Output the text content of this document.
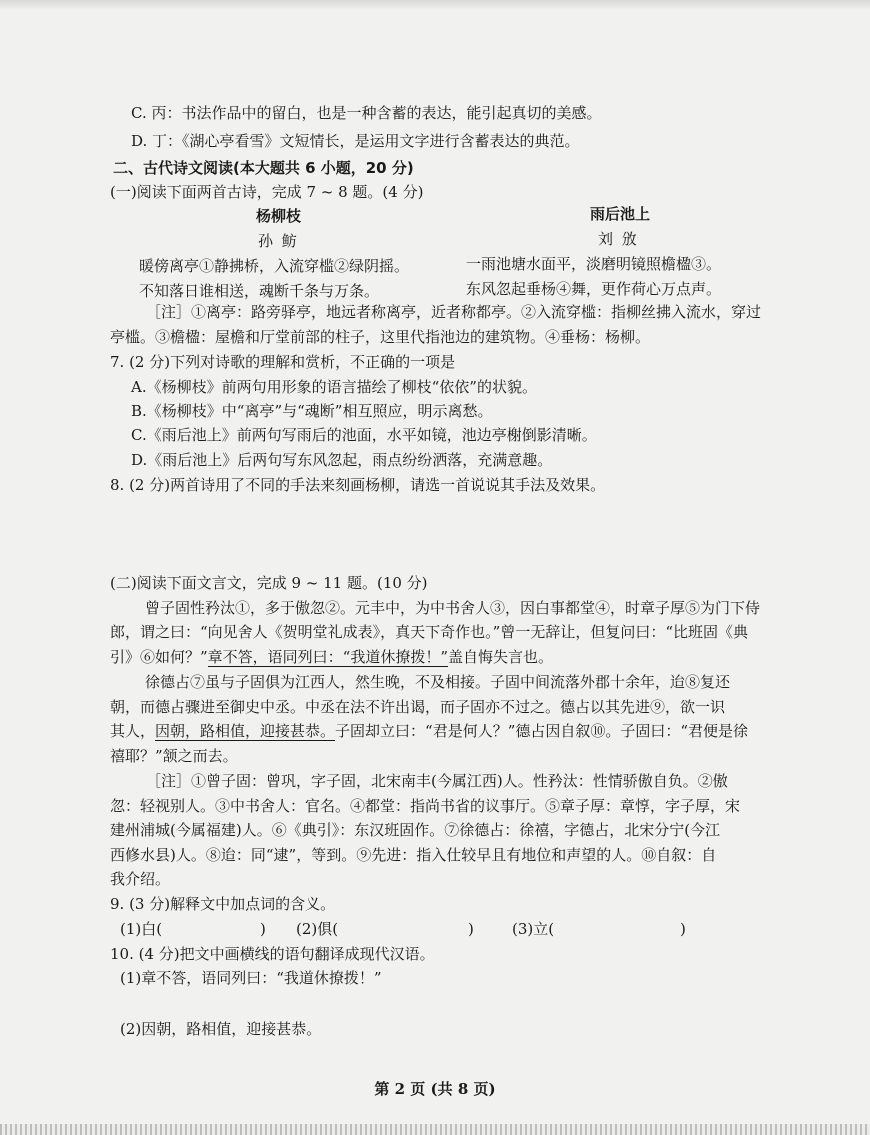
C. 丙：书法作品中的留白，也是一种含蓄的表达，能引起真切的美感。
D. 丁：《湖心亭看雪》文短情长，是运用文字进行含蓄表达的典范。
二、古代诗文阅读(本大题共 6 小题，20 分)
(一)阅读下面两首古诗，完成 7 ~ 8 题。(4 分)
杨柳枝
孙 鲂
暖傍离亭①静拂桥，入流穿槛②绿阴摇。
不知落日谁相送，魂断千条与万条。
雨后池上
刘 攽
一雨池塘水面平，淡磨明镜照檐楹③。
东风忽起垂杨④舞，更作荷心万点声。
［注］①离亭：路旁驿亭，地远者称离亭，近者称都亭。②入流穿槛：指柳丝拂入流水，穿过
亭槛。③檐楹：屋檐和厅堂前部的柱子，这里代指池边的建筑物。④垂杨：杨柳。
7. (2 分)下列对诗歌的理解和赏析，不正确的一项是
A.《杨柳枝》前两句用形象的语言描绘了柳枝“依依”的状貌。
B.《杨柳枝》中“离亭”与“魂断”相互照应，明示离愁。
C.《雨后池上》前两句写雨后的池面，水平如镜，池边亭榭倒影清晰。
D.《雨后池上》后两句写东风忽起，雨点纷纷洒落，充满意趣。
8. (2 分)两首诗用了不同的手法来刻画杨柳，请选一首说说其手法及效果。
(二)阅读下面文言文，完成 9 ~ 11 题。(10 分)
曾子固性矜汰①，多于傲忽②。元丰中，为中书舍人③，因白事都堂④，时章子厚⑤为门下侍
郎，谓之曰：“向见舍人《贺明堂礼成表》，真天下奇作也。”曾一无辞让，但复问曰：“比班固《典
引》⑥如何？”章不答，语同列曰：“我道休撩拨！”盖自悔失言也。
徐德占⑦虽与子固俱为江西人，然生晚，不及相接。子固中间流落外郡十余年，迨⑧复还
朝，而德占骤进至御史中丞。中丞在法不许出谒，而子固亦不过之。德占以其先进⑨，欲一识
其人，因朝，路相值，迎接甚恭。子固却立曰：“君是何人？”德占因自叙⑩。子固曰：“君便是徐
禧耶？”颔之而去。
［注］①曾子固：曾巩，字子固，北宋南丰(今属江西)人。性矜汰：性情骄傲自负。②傲
忽：轻视别人。③中书舍人：官名。④都堂：指尚书省的议事厅。⑤章子厚：章惇，字子厚，宋
建州浦城(今属福建)人。⑥《典引》：东汉班固作。⑦徐德占：徐禧，字德占，北宋分宁(今江
西修水县)人。⑧迨：同“逮”，等到。⑨先进：指入仕较早且有地位和声望的人。⑩自叙：自
我介绍。
9. (3 分)解释文中加点词的含义。
(1)白(	) (2)俱(	)	(3)立(	)
10. (4 分)把文中画横线的语句翻译成现代汉语。
(1)章不答，语同列曰：“我道休撩拨！”
(2)因朝，路相值，迎接甚恭。
第 2 页 (共 8 页)
